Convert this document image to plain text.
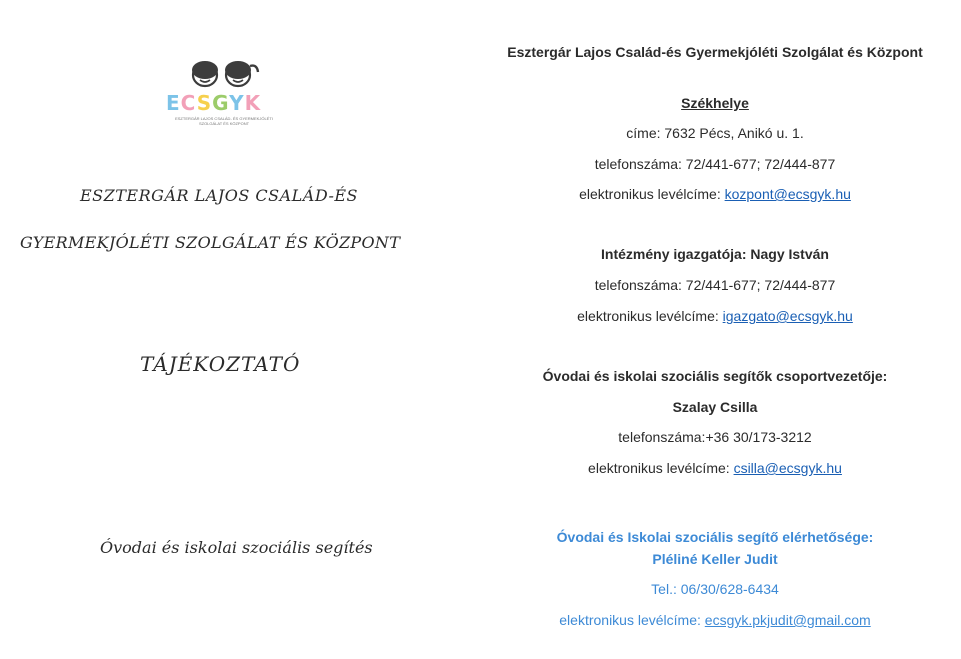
ECSGYK
ESZTERGÁR LAJOS CSALÁD- ÉS GYERMEKJÓLÉTI SZOLGÁLAT ÉS KÖZPONT
ESZTERGÁR LAJOS CSALÁD-ÉS
GYERMEKJÓLÉTI SZOLGÁLAT ÉS KÖZPONT
TÁJÉKOZTATÓ
Óvodai és iskolai szociális segítés
Esztergár Lajos Család-és Gyermekjóléti Szolgálat és Központ
Székhelye
címe: 7632 Pécs, Anikó u. 1.
telefonszáma: 72/441-677; 72/444-877
elektronikus levélcíme: kozpont@ecsgyk.hu
Intézmény igazgatója: Nagy István
telefonszáma: 72/441-677; 72/444-877
elektronikus levélcíme: igazgato@ecsgyk.hu
Óvodai és iskolai szociális segítők csoportvezetője:
Szalay Csilla
telefonszáma:+36 30/173-3212
elektronikus levélcíme: csilla@ecsgyk.hu
Óvodai és Iskolai szociális segítő elérhetősége:
Pléliné Keller Judit
Tel.: 06/30/628-6434
elektronikus levélcíme: ecsgyk.pkjudit@gmail.com
